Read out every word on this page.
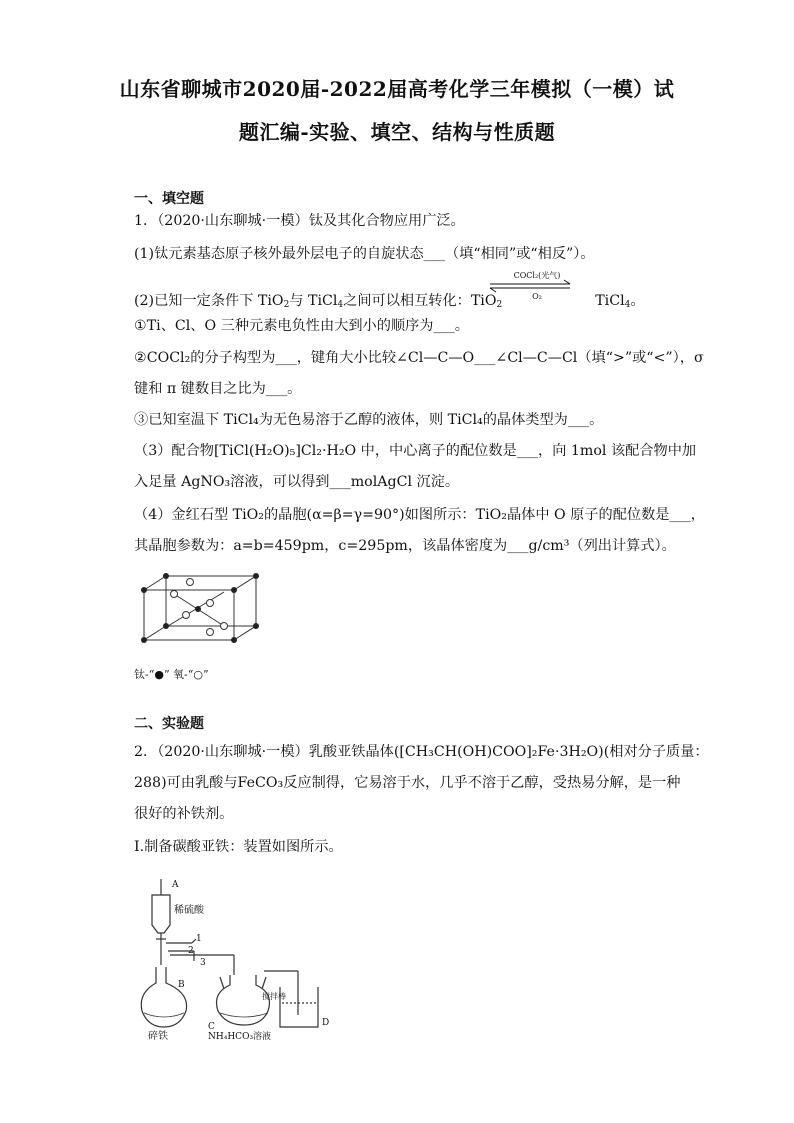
山东省聊城市2020届-2022届高考化学三年模拟（一模）试
题汇编-实验、填空、结构与性质题
一、填空题
1．（2020·山东聊城·一模）钛及其化合物应用广泛。
(1)钛元素基态原子核外最外层电子的自旋状态___（填“相同”或“相反”）。
(2)已知一定条件下 TiO$_2$与 TiCl$_4$之间可以相互转化：TiO$_2$	TiCl$_4$。
COCl₂(光气)
O₂
①Ti、Cl、O 三种元素电负性由大到小的顺序为___。
②COCl₂的分子构型为___，键角大小比较∠Cl—C—O___∠Cl—C—Cl（填“>”或“<”），σ
键和 π 键数目之比为___。
③已知室温下 TiCl₄为无色易溶于乙醇的液体，则 TiCl₄的晶体类型为___。
（3）配合物[TiCl(H₂O)₅]Cl₂·H₂O 中，中心离子的配位数是___，向 1mol 该配合物中加
入足量 AgNO₃溶液，可以得到___molAgCl 沉淀。
（4）金红石型 TiO₂的晶胞(α=β=γ=90°)如图所示：TiO₂晶体中 O 原子的配位数是___，
其晶胞参数为：a=b=459pm，c=295pm，该晶体密度为___g/cm³（列出计算式）。
钛-“●” 氧-“○”
二、实验题
2．（2020·山东聊城·一模）乳酸亚铁晶体([CH₃CH(OH)COO]₂Fe·3H₂O)(相对分子质量：
288)可由乳酸与FeCO₃反应制得，它易溶于水，几乎不溶于乙醇，受热易分解，是一种
很好的补铁剂。
Ⅰ.制备碳酸亚铁：装置如图所示。
A
稀硫酸
1
2
3
B
碎铁
C
NH₄HCO₃溶液
搅拌棒
D
